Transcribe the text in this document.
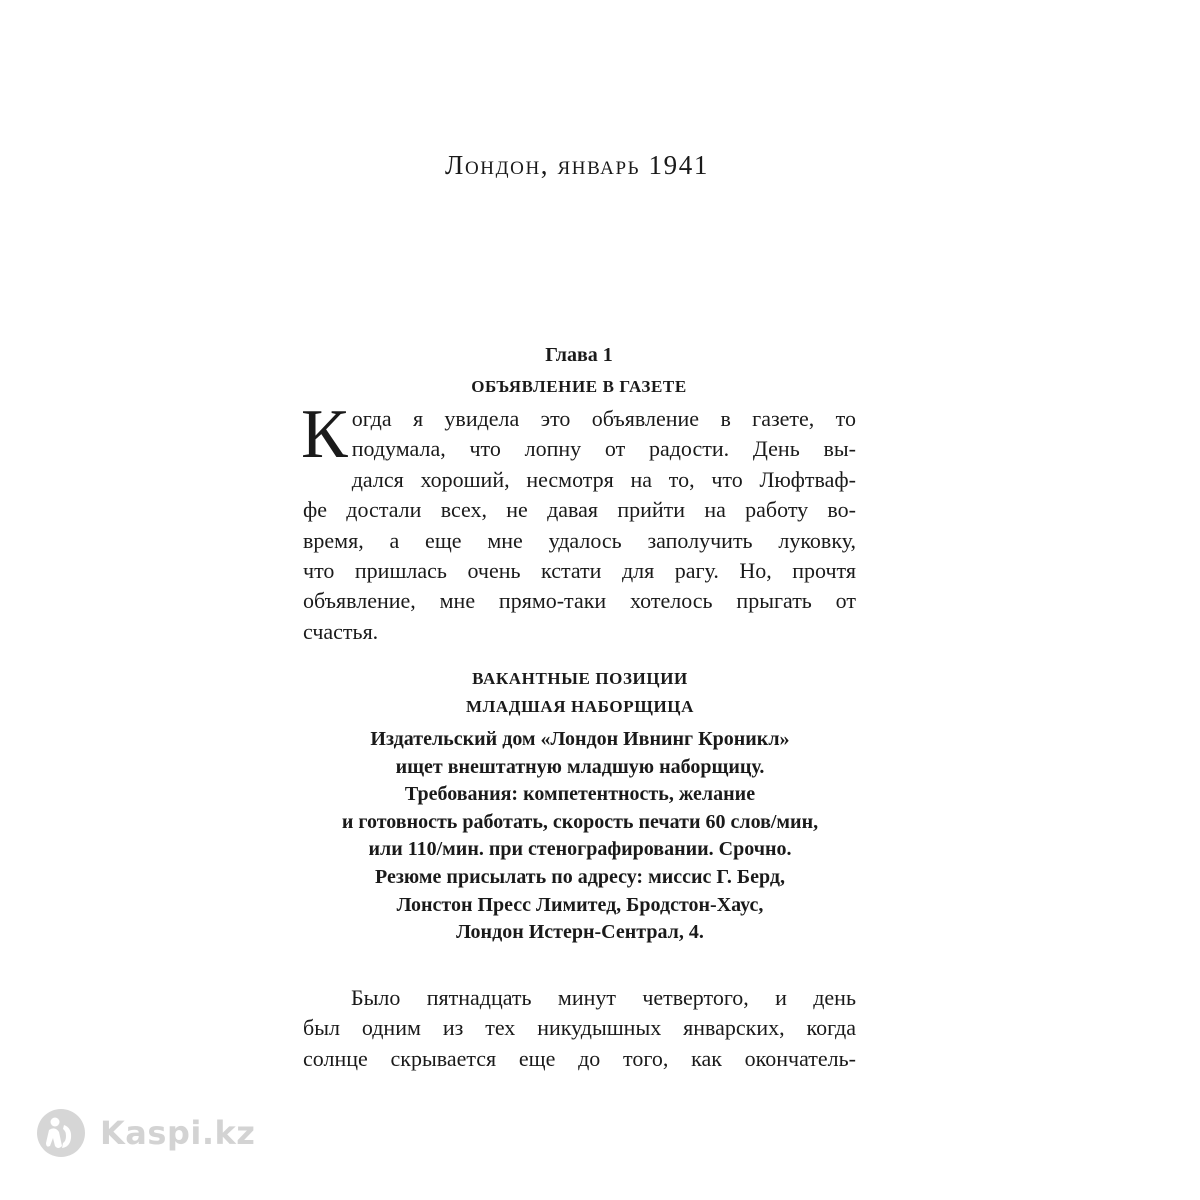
Лондон, январь 1941
Глава 1
ОБЪЯВЛЕНИЕ В ГАЗЕТЕ
К огда я увидела это объявление в газете, то
подумала, что лопну от радости. День вы-
дался хороший, несмотря на то, что Люфтваф-
фе достали всех, не давая прийти на работу во-
время, а еще мне удалось заполучить луковку,
что пришлась очень кстати для рагу. Но, прочтя
объявление, мне прямо-таки хотелось прыгать от
счастья.
ВАКАНТНЫЕ ПОЗИЦИИ
МЛАДШАЯ НАБОРЩИЦА
Издательский дом «Лондон Ивнинг Кроникл»
ищет внештатную младшую наборщицу.
Требования: компетентность, желание
и готовность работать, скорость печати 60 слов/мин,
или 110/мин. при стенографировании. Срочно.
Резюме присылать по адресу: миссис Г. Берд,
Лонстон Пресс Лимитед, Бродстон-Хаус,
Лондон Истерн-Сентрал, 4.
Было пятнадцать минут четвертого, и день
был одним из тех никудышных январских, когда
солнце скрывается еще до того, как окончатель-
Kaspi.kz
